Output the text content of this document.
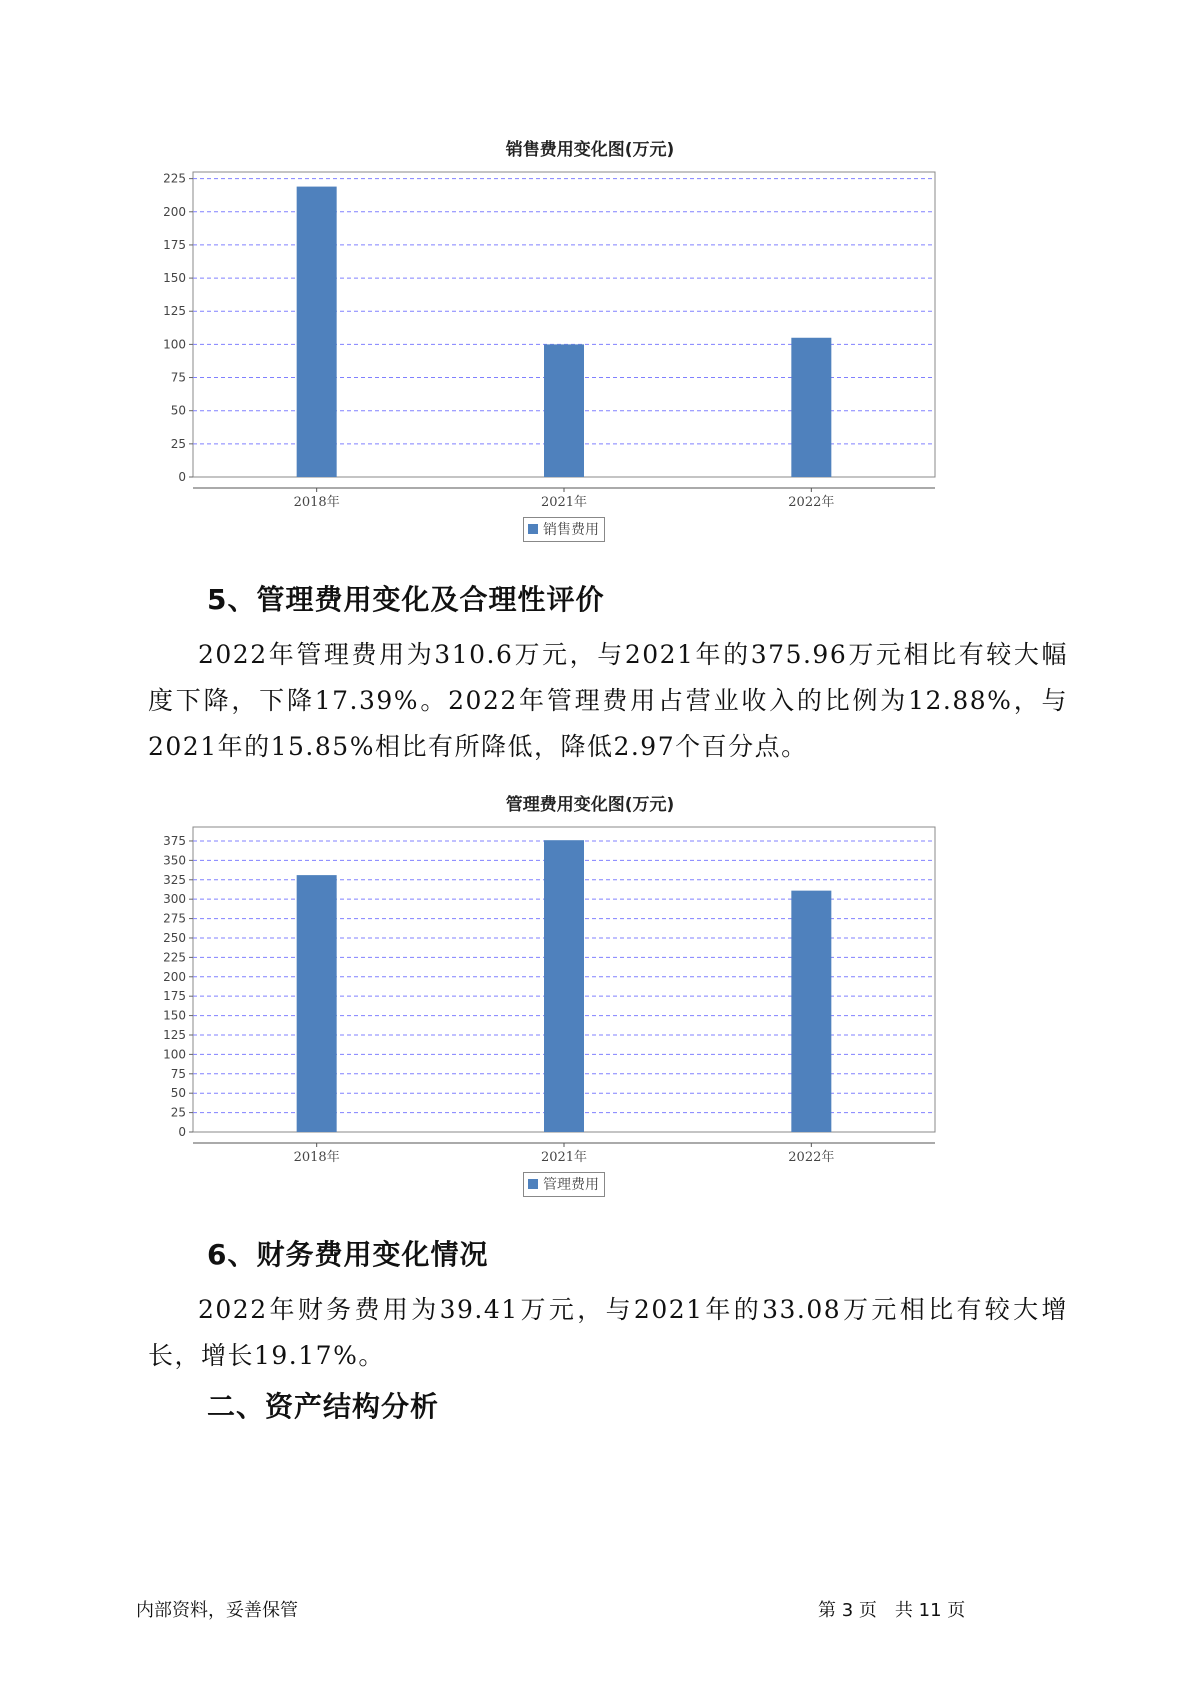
销售费用变化图(万元)
0
25
50
75
100
125
150
175
200
225
2018年	2021年	2022年
销售费用
5、管理费用变化及合理性评价
2022年管理费用为310.6万元，与2021年的375.96万元相比有较大幅度下降，下降17.39%。2022年管理费用占营业收入的比例为12.88%，与2021年的15.85%相比有所降低，降低2.97个百分点。
管理费用变化图(万元)
0
25
50
75
100
125
150
175
200
225
250
275
300
325
350
375
2018年	2021年	2022年
管理费用
6、财务费用变化情况
2022年财务费用为39.41万元，与2021年的33.08万元相比有较大增长，增长19.17%。
二、资产结构分析
内部资料，妥善保管	第 3 页　共 11 页
